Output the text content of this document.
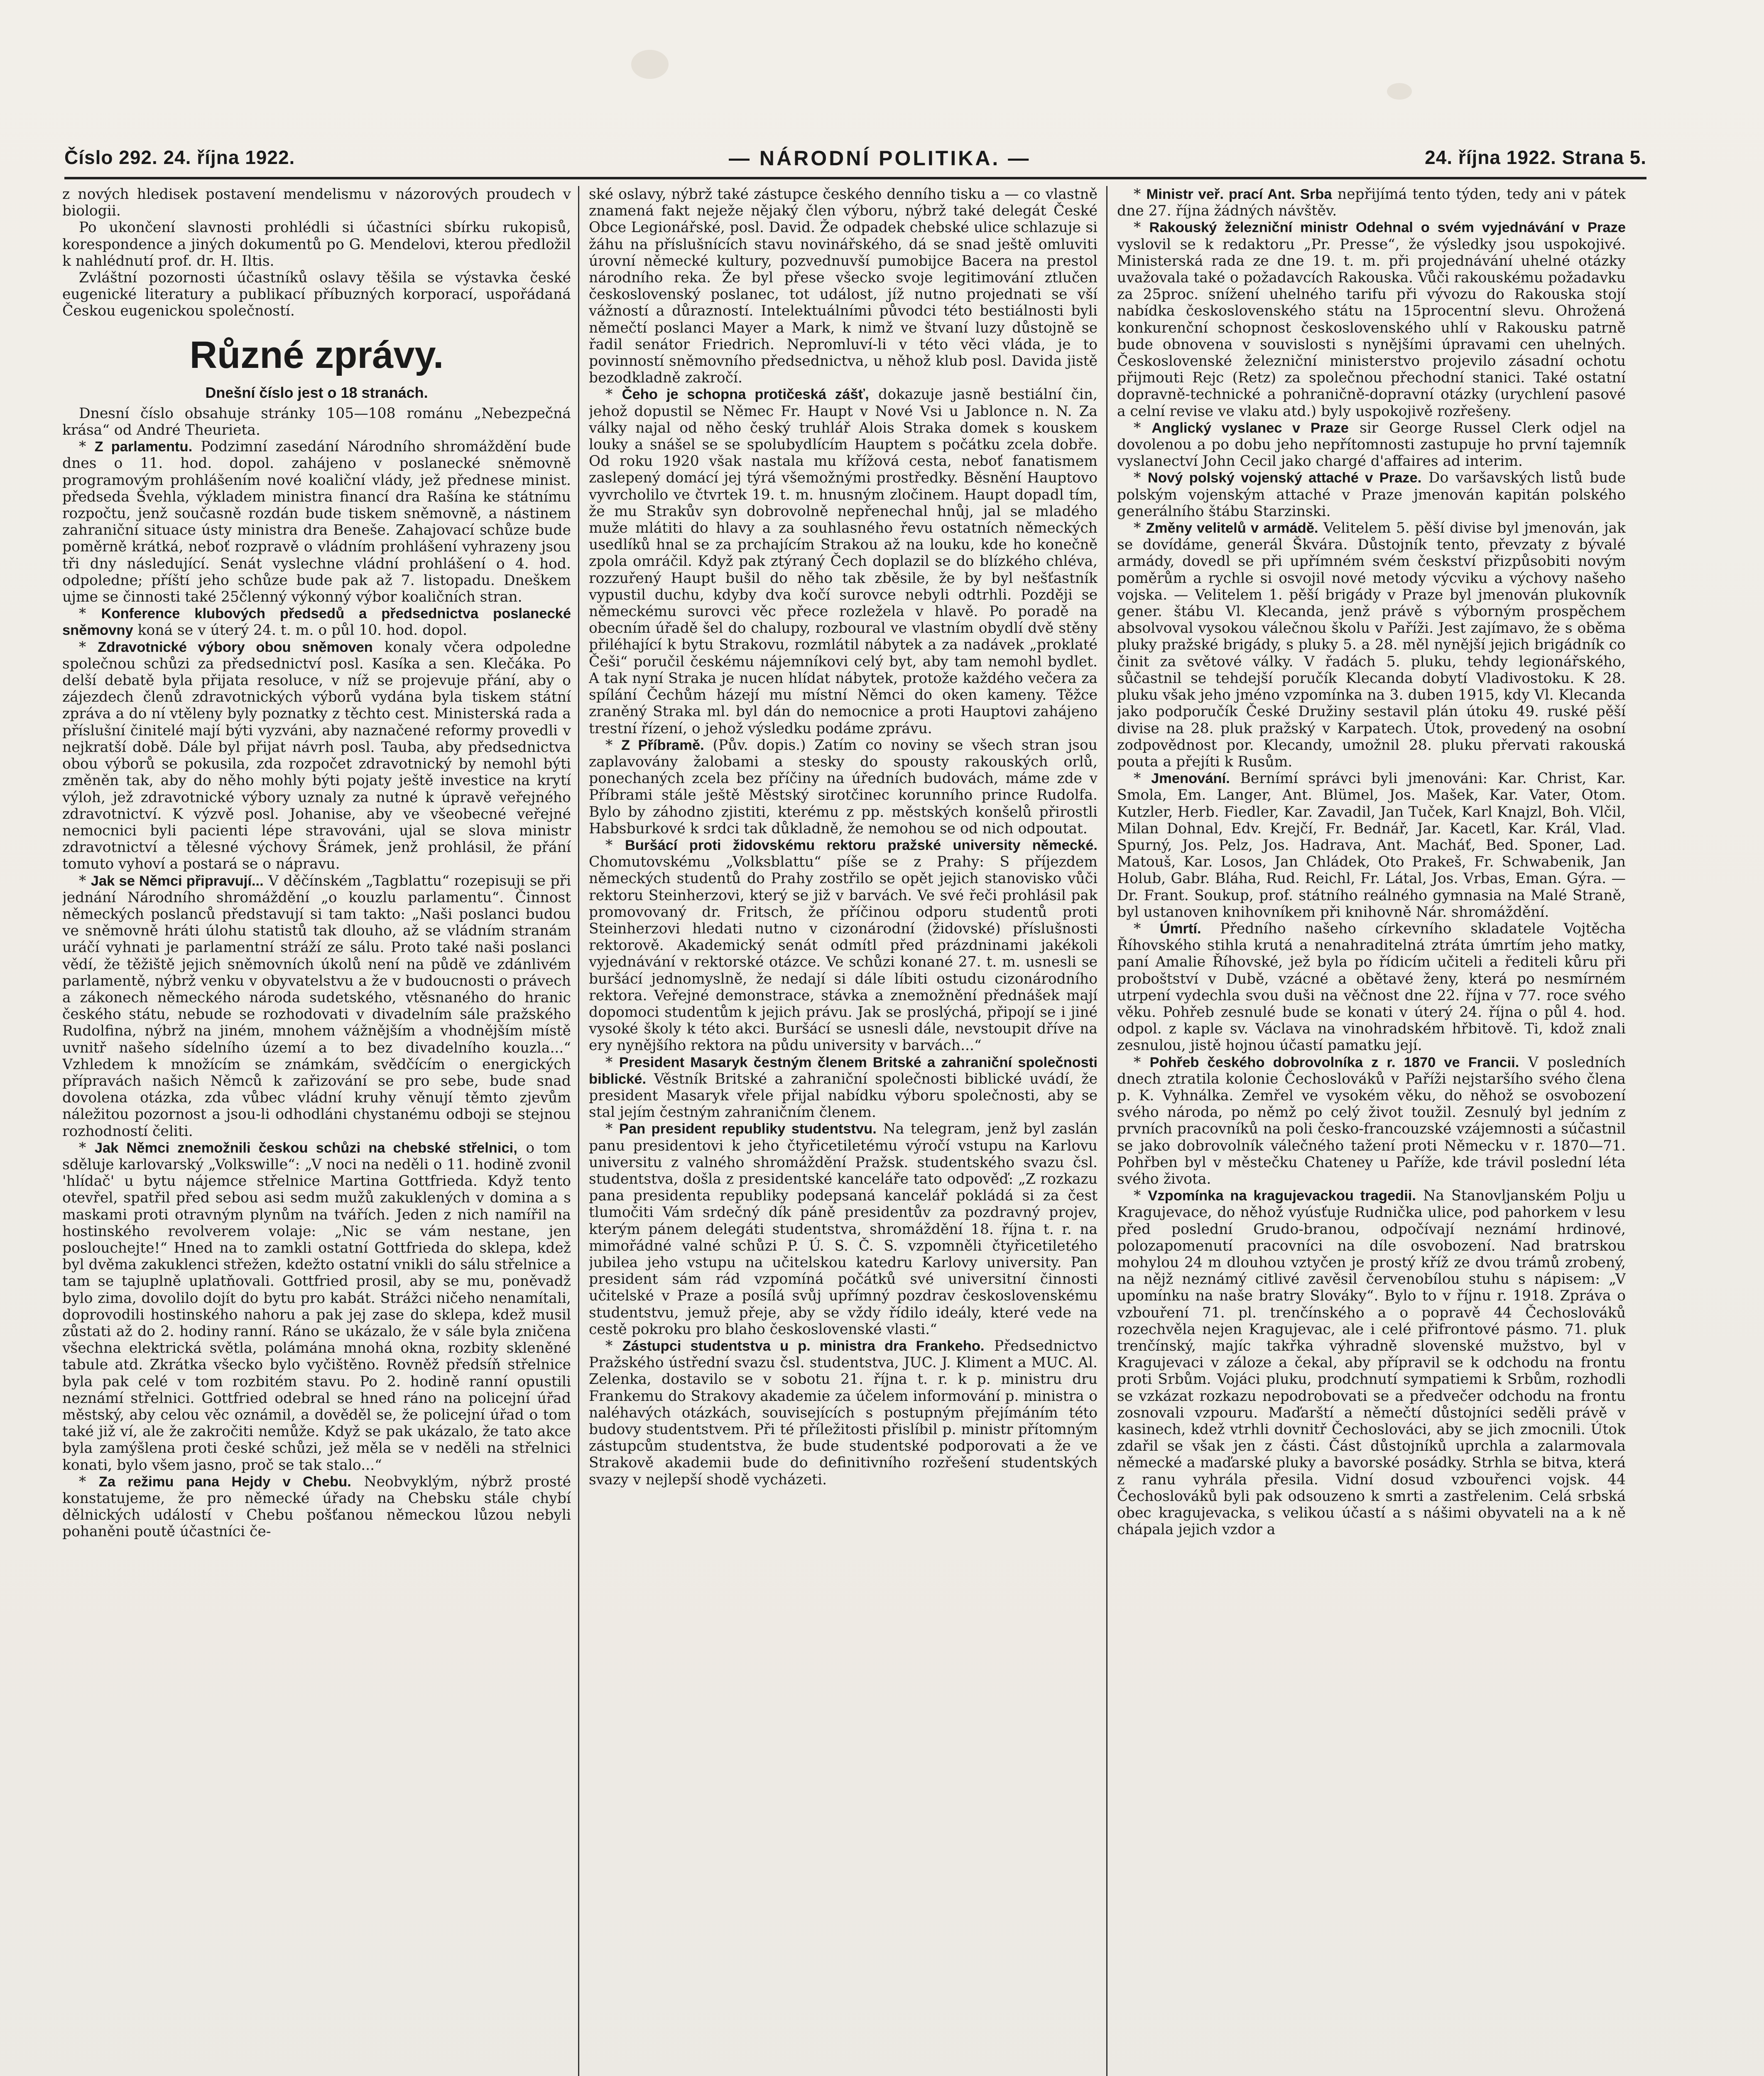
Číslo 292. 24. října 1922.	— NÁRODNÍ POLITIKA. —	24. října 1922. Strana 5.

z nových hledisek postavení mendelismu v názorových proudech v biologii.

Po ukončení slavnosti prohlédli si účastníci sbírku rukopisů, korespondence a jiných dokumentů po G. Mendelovi, kterou předložil k nahlédnutí prof. dr. H. Iltis.

Zvláštní pozornosti účastníků oslavy těšila se výstavka české eugenické literatury a publikací příbuzných korporací, uspořádaná Českou eugenickou společností.

Různé zprávy.
Dnešní číslo jest o 18 stranách.

Dnesní číslo obsahuje stránky 105—108 románu „Nebezpečná krása“ od André Theurieta.

* Z parlamentu. Podzimní zasedání Národního shromáždění bude dnes o 11. hod. dopol. zahájeno v poslanecké sněmovně programovým prohlášením nové koaliční vlády, jež přednese minist. předseda Švehla, výkladem ministra financí dra Rašína ke státnímu rozpočtu, jenž současně rozdán bude tiskem sněmovně, a nástinem zahraniční situace ústy ministra dra Beneše. Zahajovací schůze bude poměrně krátká, neboť rozpravě o vládním prohlášení vyhrazeny jsou tři dny následující. Senát vyslechne vládní prohlášení o 4. hod. odpoledne; příští jeho schůze bude pak až 7. listopadu. Dneškem ujme se činnosti také 25členný výkonný výbor koaličních stran.

* Konference klubových předsedů a předsednictva poslanecké sněmovny koná se v úterý 24. t. m. o půl 10. hod. dopol.

* Zdravotnické výbory obou sněmoven konaly včera odpoledne společnou schůzi za předsednictví posl. Kasíka a sen. Klečáka. Po delší debatě byla přijata resoluce, v níž se projevuje přání, aby o zájezdech členů zdravotnických výborů vydána byla tiskem státní zpráva a do ní vtěleny byly poznatky z těchto cest. Ministerská rada a příslušní činitelé mají býti vyzváni, aby naznačené reformy provedli v nejkratší době. Dále byl přijat návrh posl. Tauba, aby předsednictva obou výborů se pokusila, zda rozpočet zdravotnický by nemohl býti změněn tak, aby do něho mohly býti pojaty ještě investice na krytí výloh, jež zdravotnické výbory uznaly za nutné k úpravě veřejného zdravotnictví. K výzvě posl. Johanise, aby ve všeobecné veřejné nemocnici byli pacienti lépe stravováni, ujal se slova ministr zdravotnictví a tělesné výchovy Šrámek, jenž prohlásil, že přání tomuto vyhoví a postará se o nápravu.

* Jak se Němci připravují... V děčínském „Tagblattu“ rozepisuji se při jednání Národního shromáždění „o kouzlu parlamentu“. Činnost německých poslanců představují si tam takto: „Naši poslanci budou ve sněmovně hráti úlohu statistů tak dlouho, až se vládním stranám uráčí vyhnati je parlamentní stráží ze sálu. Proto také naši poslanci vědí, že těžiště jejich sněmovních úkolů není na půdě ve zdánlivém parlamentě, nýbrž venku v obyvatelstvu a že v budoucnosti o právech a zákonech německého národa sudetského, vtěsnaného do hranic českého státu, nebude se rozhodovati v divadelním sále pražského Rudolfina, nýbrž na jiném, mnohem vážnějším a vhodnějším místě uvnitř našeho sídelního území a to bez divadelního kouzla...“ Vzhledem k množícím se známkám, svědčícím o energických přípravách našich Němců k zařizování se pro sebe, bude snad dovolena otázka, zda vůbec vládní kruhy věnují těmto zjevům náležitou pozornost a jsou-li odhodláni chystanému odboji se stejnou rozhodností čeliti.

* Jak Němci znemožnili českou schůzi na chebské střelnici, o tom sděluje karlovarský „Volkswille“: „V noci na neděli o 11. hodině zvonil 'hlídač' u bytu nájemce střelnice Martina Gottfrieda. Když tento otevřel, spatřil před sebou asi sedm mužů zakuklených v domina a s maskami proti otravným plynům na tvářích. Jeden z nich namířil na hostinského revolverem volaje: „Nic se vám nestane, jen poslouchejte!“ Hned na to zamkli ostatní Gottfrieda do sklepa, kdež byl dvěma zakuklenci střežen, kdežto ostatní vnikli do sálu střelnice a tam se tajuplně uplatňovali. Gottfried prosil, aby se mu, poněvadž bylo zima, dovolilo dojít do bytu pro kabát. Strážci ničeho nenamítali, doprovodili hostinského nahoru a pak jej zase do sklepa, kdež musil zůstati až do 2. hodiny ranní. Ráno se ukázalo, že v sále byla zničena všechna elektrická světla, polámána mnohá okna, rozbity skleněné tabule atd. Zkrátka všecko bylo vyčištěno. Rovněž předsíň střelnice byla pak celé v tom rozbitém stavu. Po 2. hodině ranní opustili neznámí střelnici. Gottfried odebral se hned ráno na policejní úřad městský, aby celou věc oznámil, a dověděl se, že policejní úřad o tom také již ví, ale že zakročiti nemůže. Když se pak ukázalo, že tato akce byla zamýšlena proti české schůzi, jež měla se v neděli na střelnici konati, bylo všem jasno, proč se tak stalo...“

* Za režimu pana Hejdy v Chebu. Neobvyklým, nýbrž prosté konstatujeme, že pro německé úřady na Chebsku stále chybí dělnických událostí v Chebu pošťanou německou lůzou nebyli pohaněni poutě účastníci če-

ské oslavy, nýbrž také zástupce českého denního tisku a — co vlastně znamená fakt neježe nějaký člen výboru, nýbrž také delegát České Obce Legionářské, posl. David. Že odpadek chebské ulice schlazuje si žáhu na příslušnících stavu novinářského, dá se snad ještě omluviti úrovní německé kultury, pozvednuvší pumobijce Bacera na prestol národního reka. Že byl přese všecko svoje legitimování ztlučen československý poslanec, tot událost, jíž nutno projednati se vší vážností a důrazností. Intelektuálními původci této bestiálnosti byli němečtí poslanci Mayer a Mark, k nimž ve štvaní luzy důstojně se řadil senátor Friedrich. Nepromluví-li v této věci vláda, je to povinností sněmovního předsednictva, u něhož klub posl. Davida jistě bezodkladně zakročí.

* Čeho je schopna protičeská zášť, dokazuje jasně bestiální čin, jehož dopustil se Němec Fr. Haupt v Nové Vsi u Jablonce n. N. Za války najal od něho český truhlář Alois Straka domek s kouskem louky a snášel se se spolubydlícím Hauptem s počátku zcela dobře. Od roku 1920 však nastala mu křížová cesta, neboť fanatismem zaslepený domácí jej týrá všemožnými prostředky. Běsnění Hauptovo vyvrcholilo ve čtvrtek 19. t. m. hnusným zločinem. Haupt dopadl tím, že mu Strakův syn dobrovolně nepřenechal hnůj, jal se mladého muže mlátiti do hlavy a za souhlasného řevu ostatních německých usedlíků hnal se za prchajícím Strakou až na louku, kde ho konečně zpola omráčil. Když pak ztýraný Čech doplazil se do blízkého chléva, rozzuřený Haupt bušil do něho tak zběsile, že by byl nešťastník vypustil duchu, kdyby dva kočí surovce nebyli odtrhli. Později se německému surovci věc přece rozležela v hlavě. Po poradě na obecním úřadě šel do chalupy, rozboural ve vlastním obydlí dvě stěny přiléhající k bytu Strakovu, rozmlátil nábytek a za nadávek „proklaté Češi“ poručil českému nájemníkovi celý byt, aby tam nemohl bydlet. A tak nyní Straka je nucen hlídat nábytek, protože každého večera za spílání Čechům házejí mu místní Němci do oken kameny. Těžce zraněný Straka ml. byl dán do nemocnice a proti Hauptovi zahájeno trestní řízení, o jehož výsledku podáme zprávu.

* Z Příbramě. (Pův. dopis.) Zatím co noviny se všech stran jsou zaplavovány žalobami a stesky do spousty rakouských orlů, ponechaných zcela bez příčiny na úředních budovách, máme zde v Příbrami stále ještě Městský sirotčinec korunního prince Rudolfa. Bylo by záhodno zjistiti, kterému z pp. městských konšelů přirostli Habsburkové k srdci tak důkladně, že nemohou se od nich odpoutat.

* Buršácí proti židovskému rektoru pražské university německé. Chomutovskému „Volksblattu“ píše se z Prahy: S příjezdem německých studentů do Prahy zostřilo se opět jejich stanovisko vůči rektoru Steinherzovi, který se již v barvách. Ve své řeči prohlásil pak promovovaný dr. Fritsch, že příčinou odporu studentů proti Steinherzovi hledati nutno v cizonárodní (židovské) příslušnosti rektorově. Akademický senát odmítl před prázdninami jakékoli vyjednávání v rektorské otázce. Ve schůzi konané 27. t. m. usnesli se buršácí jednomyslně, že nedají si dále líbiti ostudu cizonárodního rektora. Veřejné demonstrace, stávka a znemožnění přednášek mají dopomoci studentům k jejich právu. Jak se proslýchá, připojí se i jiné vysoké školy k této akci. Buršácí se usnesli dále, nevstoupit dříve na ery nynějšího rektora na půdu university v barvách...“

* President Masaryk čestným členem Britské a zahraniční společnosti biblické. Věstník Britské a zahraniční společnosti biblické uvádí, že president Masaryk vřele přijal nabídku výboru společnosti, aby se stal jejím čestným zahraničním členem.

* Pan president republiky studentstvu. Na telegram, jenž byl zaslán panu presidentovi k jeho čtyřicetiletému výročí vstupu na Karlovu universitu z valného shromáždění Pražsk. studentského svazu čsl. studentstva, došla z presidentské kanceláře tato odpověď: „Z rozkazu pana presidenta republiky podepsaná kancelář pokládá si za čest tlumočiti Vám srdečný dík páně presidentův za pozdravný projev, kterým pánem delegáti studentstva, shromáždění 18. října t. r. na mimořádné valné schůzi P. Ú. S. Č. S. vzpomněli čtyřicetiletého jubilea jeho vstupu na učitelskou katedru Karlovy university. Pan president sám rád vzpomíná počátků své universitní činnosti učitelské v Praze a posílá svůj upřímný pozdrav československému studentstvu, jemuž přeje, aby se vždy řídilo ideály, které vede na cestě pokroku pro blaho československé vlasti.“

* Zástupci studentstva u p. ministra dra Frankeho. Předsednictvo Pražského ústřední svazu čsl. studentstva, JUC. J. Kliment a MUC. Al. Zelenka, dostavilo se v sobotu 21. října t. r. k p. ministru dru Frankemu do Strakovy akademie za účelem informování p. ministra o naléhavých otázkách, souvisejících s postupným přejímáním této budovy studentstvem. Při té příležitosti přislíbil p. ministr přítomným zástupcům studentstva, že bude studentské podporovati a že ve Strakově akademii bude do definitivního rozřešení studentských svazy v nejlepší shodě vycházeti.

* Ministr veř. prací Ant. Srba nepřijímá tento týden, tedy ani v pátek dne 27. října žádných návštěv.

* Rakouský železniční ministr Odehnal o svém vyjednávání v Praze vyslovil se k redaktoru „Pr. Presse“, že výsledky jsou uspokojivé. Ministerská rada ze dne 19. t. m. při projednávání uhelné otázky uvažovala také o požadavcích Rakouska. Vůči rakouskému požadavku za 25proc. snížení uhelného tarifu při vývozu do Rakouska stojí nabídka československého státu na 15procentní slevu. Ohrožená konkurenční schopnost československého uhlí v Rakousku patrně bude obnovena v souvislosti s nynějšími úpravami cen uhelných. Československé železniční ministerstvo projevilo zásadní ochotu přijmouti Rejc (Retz) za společnou přechodní stanici. Také ostatní dopravně-technické a pohraničně-dopravní otázky (urychlení pasové a celní revise ve vlaku atd.) byly uspokojivě rozřešeny.

* Anglický vyslanec v Praze sir George Russel Clerk odjel na dovolenou a po dobu jeho nepřítomnosti zastupuje ho první tajemník vyslanectví John Cecil jako chargé d'affaires ad interim.

* Nový polský vojenský attaché v Praze. Do varšavských listů bude polským vojenským attaché v Praze jmenován kapitán polského generálního štábu Starzinski.

* Změny velitelů v armádě. Velitelem 5. pěší divise byl jmenován, jak se dovídáme, generál Škvára. Důstojník tento, převzaty z bývalé armády, dovedl se při upřímném svém českství přizpůsobiti novým poměrům a rychle si osvojil nové metody výcviku a výchovy našeho vojska. — Velitelem 1. pěší brigády v Praze byl jmenován plukovník gener. štábu Vl. Klecanda, jenž právě s výborným prospěchem absolvoval vysokou válečnou školu v Paříži. Jest zajímavo, že s oběma pluky pražské brigády, s pluky 5. a 28. měl nynější jejich brigádník co činit za světové války. V řadách 5. pluku, tehdy legionářského, sůčastnil se tehdejší poručík Klecanda dobytí Vladivostoku. K 28. pluku však jeho jméno vzpomínka na 3. duben 1915, kdy Vl. Klecanda jako podporučík České Družiny sestavil plán útoku 49. ruské pěší divise na 28. pluk pražský v Karpatech. Útok, provedený na osobní zodpovědnost por. Klecandy, umožnil 28. pluku přervati rakouská pouta a přejíti k Rusům.

* Jmenování. Bernímí správci byli jmenováni: Kar. Christ, Kar. Smola, Em. Langer, Ant. Blümel, Jos. Mašek, Kar. Vater, Otom. Kutzler, Herb. Fiedler, Kar. Zavadil, Jan Tuček, Karl Knajzl, Boh. Vlčil, Milan Dohnal, Edv. Krejčí, Fr. Bednář, Jar. Kacetl, Kar. Král, Vlad. Spurný, Jos. Pelz, Jos. Hadrava, Ant. Macháť, Bed. Sponer, Lad. Matouš, Kar. Losos, Jan Chládek, Oto Prakeš, Fr. Schwabenik, Jan Holub, Gabr. Bláha, Rud. Reichl, Fr. Látal, Jos. Vrbas, Eman. Gýra. — Dr. Frant. Soukup, prof. státního reálného gymnasia na Malé Straně, byl ustanoven knihovníkem při knihovně Nár. shromáždění.

* Úmrtí. Předního našeho církevního skladatele Vojtěcha Říhovského stihla krutá a nenahraditelná ztráta úmrtím jeho matky, paní Amalie Říhovské, jež byla po řídicím učiteli a řediteli kůru při proboštství v Dubě, vzácné a obětavé ženy, která po nesmírném utrpení vydechla svou duši na věčnost dne 22. října v 77. roce svého věku. Pohřeb zesnulé bude se konati v úterý 24. října o půl 4. hod. odpol. z kaple sv. Václava na vinohradském hřbitově. Ti, kdož znali zesnulou, jistě hojnou účastí pamatku její.

* Pohřeb českého dobrovolníka z r. 1870 ve Francii. V posledních dnech ztratila kolonie Čechoslováků v Paříži nejstaršího svého člena p. K. Vyhnálka. Zemřel ve vysokém věku, do něhož se osvobození svého národa, po němž po celý život toužil. Zesnulý byl jedním z prvních pracovníků na poli česko-francouzské vzájemnosti a súčastnil se jako dobrovolník válečného tažení proti Německu v r. 1870—71. Pohřben byl v městečku Chateney u Paříže, kde trávil poslední léta svého života.

* Vzpomínka na kragujevackou tragedii. Na Stanovljanském Polju u Kragujevace, do něhož vyúsťuje Rudnička ulice, pod pahorkem v lesu před poslední Grudo-branou, odpočívají neznámí hrdinové, polozapomenutí pracovníci na díle osvobození. Nad bratrskou mohylou 24 m dlouhou vztyčen je prostý kříž ze dvou trámů zrobený, na nějž neznámý citlivé zavěsil červenobílou stuhu s nápisem: „V upomínku na naše bratry Slováky“. Bylo to v říjnu r. 1918. Zpráva o vzbouření 71. pl. trenčínského a o popravě 44 Čechoslováků rozechvěla nejen Kragujevac, ale i celé přifrontové pásmo. 71. pluk trenčínský, majíc takřka výhradně slovenské mužstvo, byl v Kragujevaci v záloze a čekal, aby přípravil se k odchodu na frontu proti Srbům. Vojáci pluku, prodchnutí sympatiemi k Srbům, rozhodli se vzkázat rozkazu nepodrobovati se a předvečer odchodu na frontu zosnovali vzpouru. Maďarští a němečtí důstojníci seděli právě v kasinech, kdež vtrhli dovnitř Čechoslováci, aby se jich zmocnili. Útok zdařil se však jen z části. Část důstojníků uprchla a zalarmovala německé a maďarské pluky a bavorské posádky. Strhla se bitva, která z ranu vyhrála přesila. Vidní dosud vzbouřenci vojsk. 44 Čechoslováků byli pak odsouzeno k smrti a zastřelenim. Celá srbská obec kragujevacka, s velikou účastí a s nášimi obyvateli na a k ně chápala jejich vzdor a
